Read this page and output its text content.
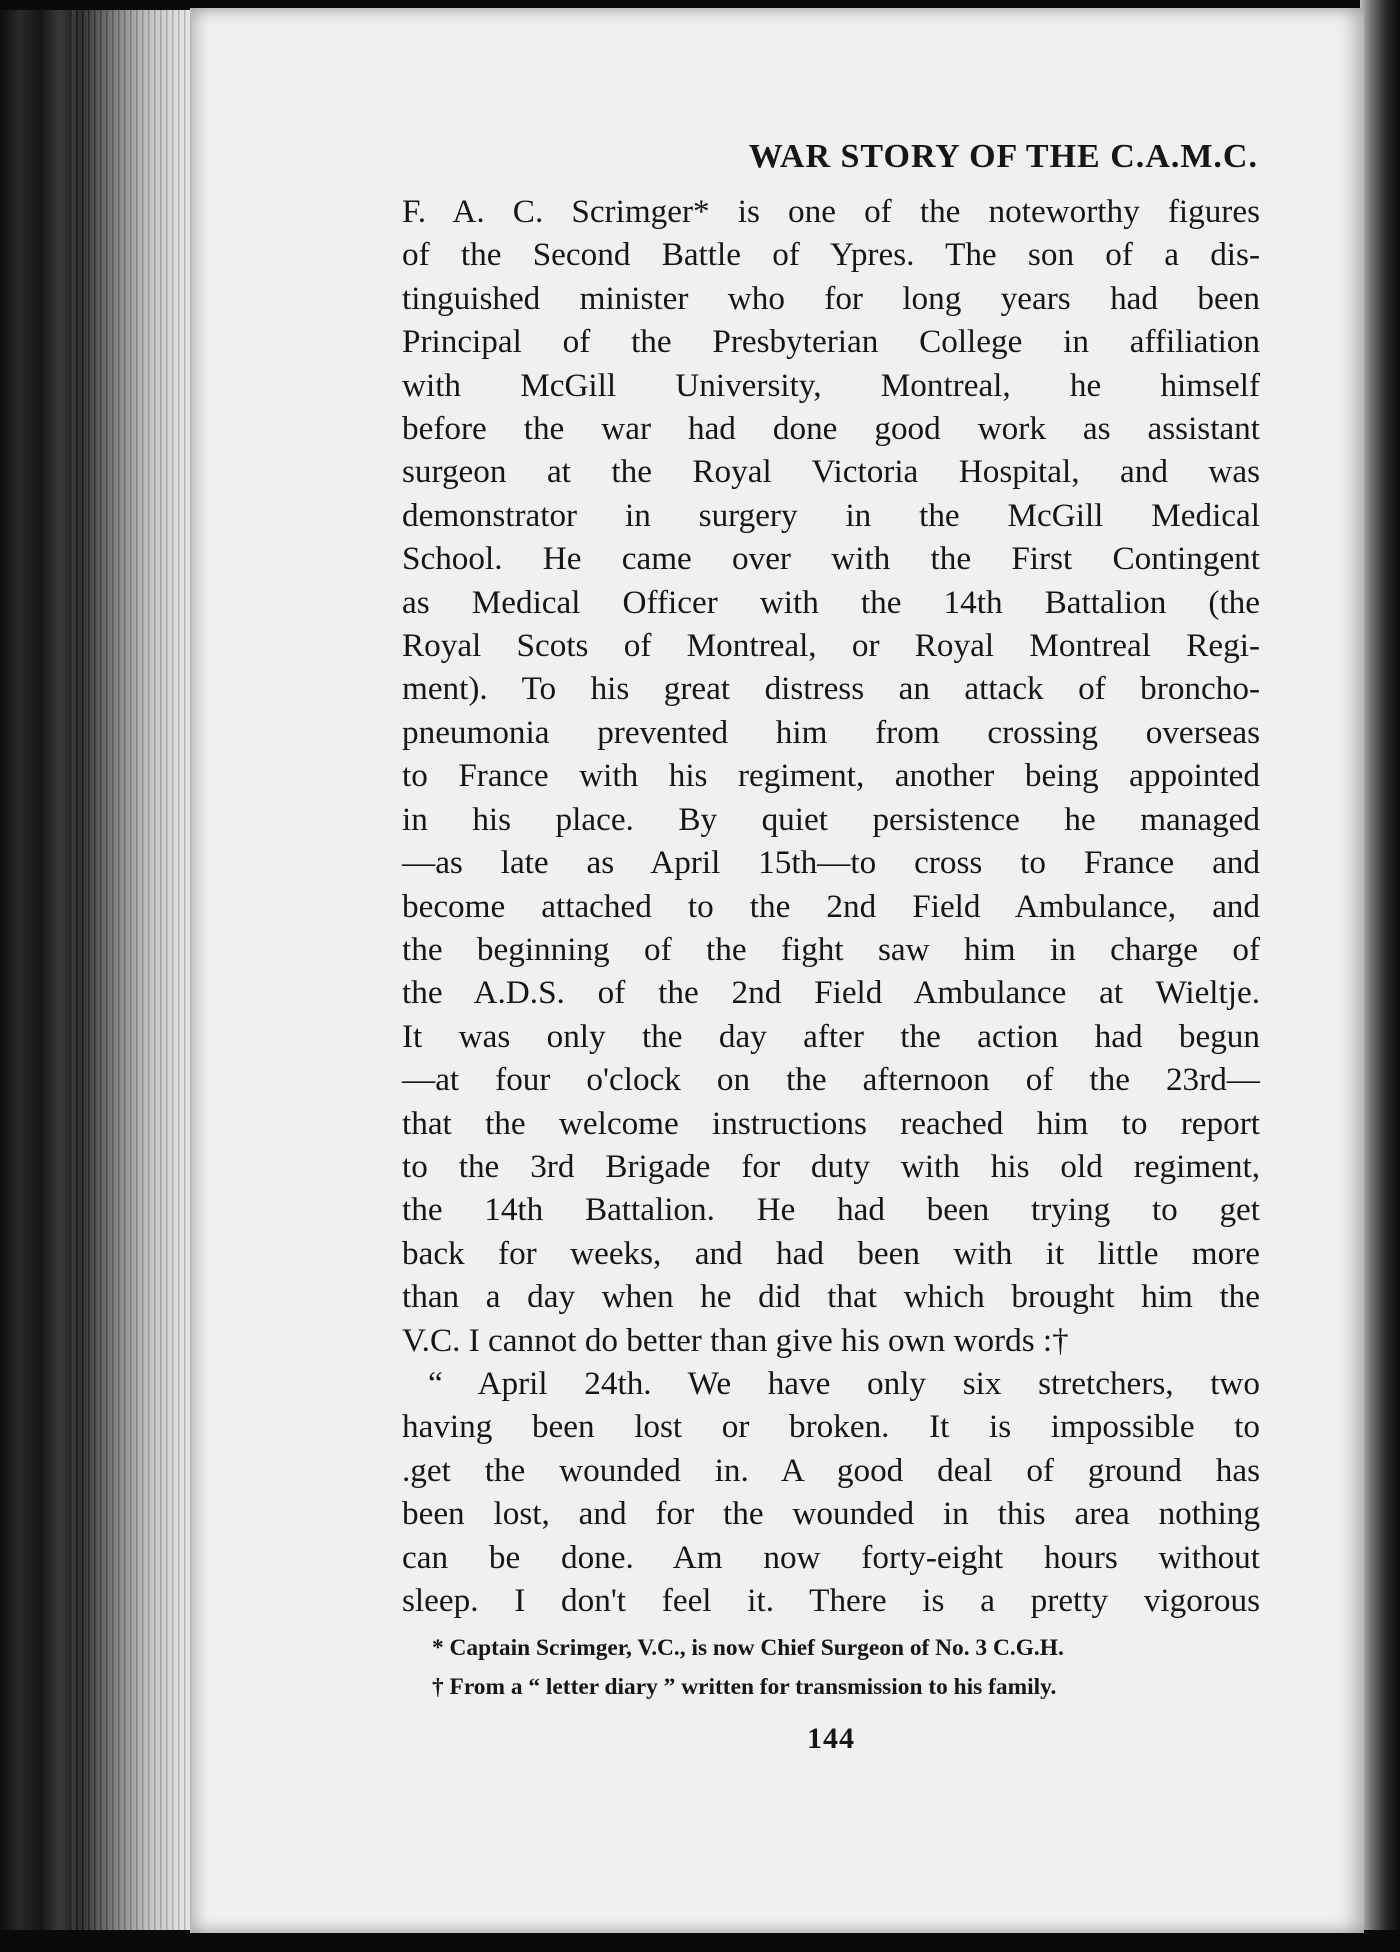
WAR STORY OF THE C.A.M.C.
F. A. C. Scrimger* is one of the noteworthy figures
of the Second Battle of Ypres. The son of a dis-
tinguished minister who for long years had been
Principal of the Presbyterian College in affiliation
with McGill University, Montreal, he himself
before the war had done good work as assistant
surgeon at the Royal Victoria Hospital, and was
demonstrator in surgery in the McGill Medical
School. He came over with the First Contingent
as Medical Officer with the 14th Battalion (the
Royal Scots of Montreal, or Royal Montreal Regi-
ment). To his great distress an attack of broncho-
pneumonia prevented him from crossing overseas
to France with his regiment, another being appointed
in his place. By quiet persistence he managed
—as late as April 15th—to cross to France and
become attached to the 2nd Field Ambulance, and
the beginning of the fight saw him in charge of
the A.D.S. of the 2nd Field Ambulance at Wieltje.
It was only the day after the action had begun
—at four o'clock on the afternoon of the 23rd—
that the welcome instructions reached him to report
to the 3rd Brigade for duty with his old regiment,
the 14th Battalion. He had been trying to get
back for weeks, and had been with it little more
than a day when he did that which brought him the
V.C. I cannot do better than give his own words :†
“ April 24th. We have only six stretchers, two
having been lost or broken. It is impossible to
.get the wounded in. A good deal of ground has
been lost, and for the wounded in this area nothing
can be done. Am now forty-eight hours without
sleep. I don't feel it. There is a pretty vigorous
* Captain Scrimger, V.C., is now Chief Surgeon of No. 3 C.G.H.
† From a “ letter diary ” written for transmission to his family.
144
